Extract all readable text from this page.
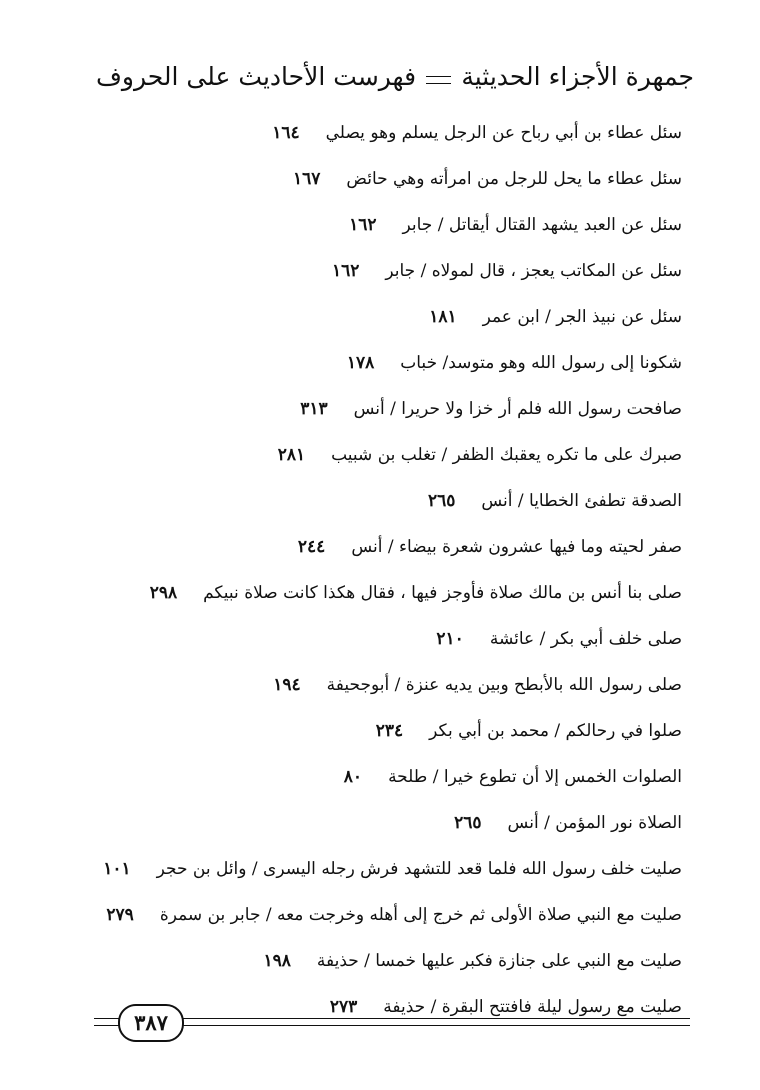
جمهرة الأجزاء الحديثية
فهرست الأحاديث على الحروف
سئل عطاء بن أبي رباح عن الرجل يسلم وهو يصلي١٦٤
سئل عطاء ما يحل للرجل من امرأته وهي حائض١٦٧
سئل عن العبد يشهد القتال أيقاتل / جابر١٦٢
سئل عن المكاتب يعجز ، قال لمولاه / جابر١٦٢
سئل عن نبيذ الجر / ابن عمر١٨١
شكونا إلى رسول الله وهو متوسد/ خباب١٧٨
صافحت رسول الله فلم أر خزا ولا حريرا / أنس٣١٣
صبرك على ما تكره يعقبك الظفر / تغلب بن شبيب٢٨١
الصدقة تطفئ الخطايا / أنس٢٦٥
صفر لحيته وما فيها عشرون شعرة بيضاء / أنس٢٤٤
صلى بنا أنس بن مالك صلاة فأوجز فيها ، فقال هكذا كانت صلاة نبيكم٢٩٨
صلى خلف أبي بكر / عائشة٢١٠
صلى رسول الله بالأبطح وبين يديه عنزة / أبوجحيفة١٩٤
صلوا في رحالكم / محمد بن أبي بكر٢٣٤
الصلوات الخمس إلا أن تطوع خيرا / طلحة٨٠
الصلاة نور المؤمن / أنس٢٦٥
صليت خلف رسول الله فلما قعد للتشهد فرش رجله اليسرى / وائل بن حجر١٠١
صليت مع النبي صلاة الأولى ثم خرج إلى أهله وخرجت معه / جابر بن سمرة٢٧٩
صليت مع النبي على جنازة فكبر عليها خمسا / حذيفة١٩٨
صليت مع رسول ليلة فافتتح البقرة / حذيفة٢٧٣
٣٨٧
